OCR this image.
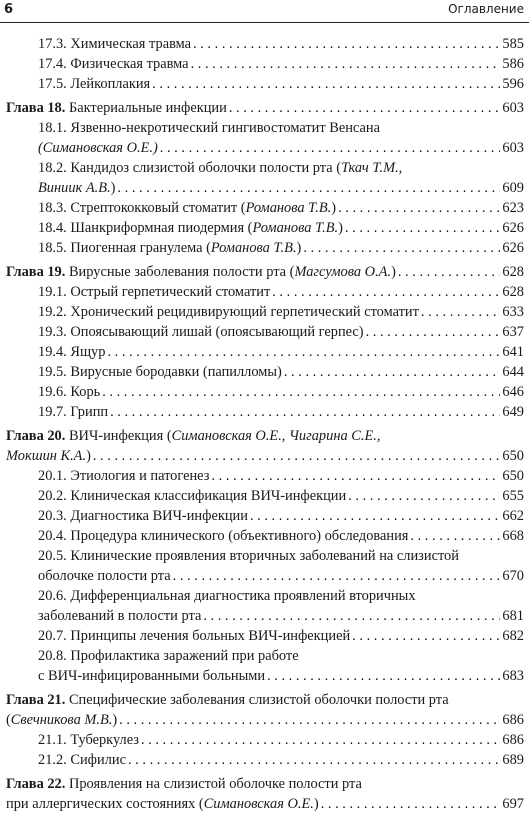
6	Оглавление
17.3. Химическая травма . . .	585
17.4. Физическая травма . . .	586
17.5. Лейкоплакия . . .	596
Глава 18. Бактериальные инфекции . . .	603
18.1. Язвенно-некротический гингивостоматит Венсана
(Симановская О.Е.) . . .	603
18.2. Кандидоз слизистой оболочки полости рта (Ткач Т.М.,
Виниик А.В.) . . .	609
18.3. Стрептококковый стоматит (Романова Т.В.) . . .	623
18.4. Шанкриформная пиодермия (Романова Т.В.) . . .	626
18.5. Пиогенная гранулема (Романова Т.В.) . . .	626
Глава 19. Вирусные заболевания полости рта (Магсумова О.А.) . . .	628
19.1. Острый герпетический стоматит . . .	628
19.2. Хронический рецидивирующий герпетический стоматит . . .	633
19.3. Опоясывающий лишай (опоясывающий герпес) . . .	637
19.4. Ящур . . .	641
19.5. Вирусные бородавки (папилломы) . . .	644
19.6. Корь . . .	646
19.7. Грипп . . .	649
Глава 20. ВИЧ-инфекция (Симановская О.Е., Чигарина С.Е.,
Мокшин К.А.) . . .	650
20.1. Этиология и патогенез . . .	650
20.2. Клиническая классификация ВИЧ-инфекции . . .	655
20.3. Диагностика ВИЧ-инфекции . . .	662
20.4. Процедура клинического (объективного) обследования . . .	668
20.5. Клинические проявления вторичных заболеваний на слизистой
оболочке полости рта . . .	670
20.6. Дифференциальная диагностика проявлений вторичных
заболеваний в полости рта . . .	681
20.7. Принципы лечения больных ВИЧ-инфекцией . . .	682
20.8. Профилактика заражений при работе
с ВИЧ-инфицированными больными . . .	683
Глава 21. Специфические заболевания слизистой оболочки полости рта
(Свечникова М.В.) . . .	686
21.1. Туберкулез . . .	686
21.2. Сифилис . . .	689
Глава 22. Проявления на слизистой оболочке полости рта
при аллергических состояниях (Симановская О.Е.) . . .	697
